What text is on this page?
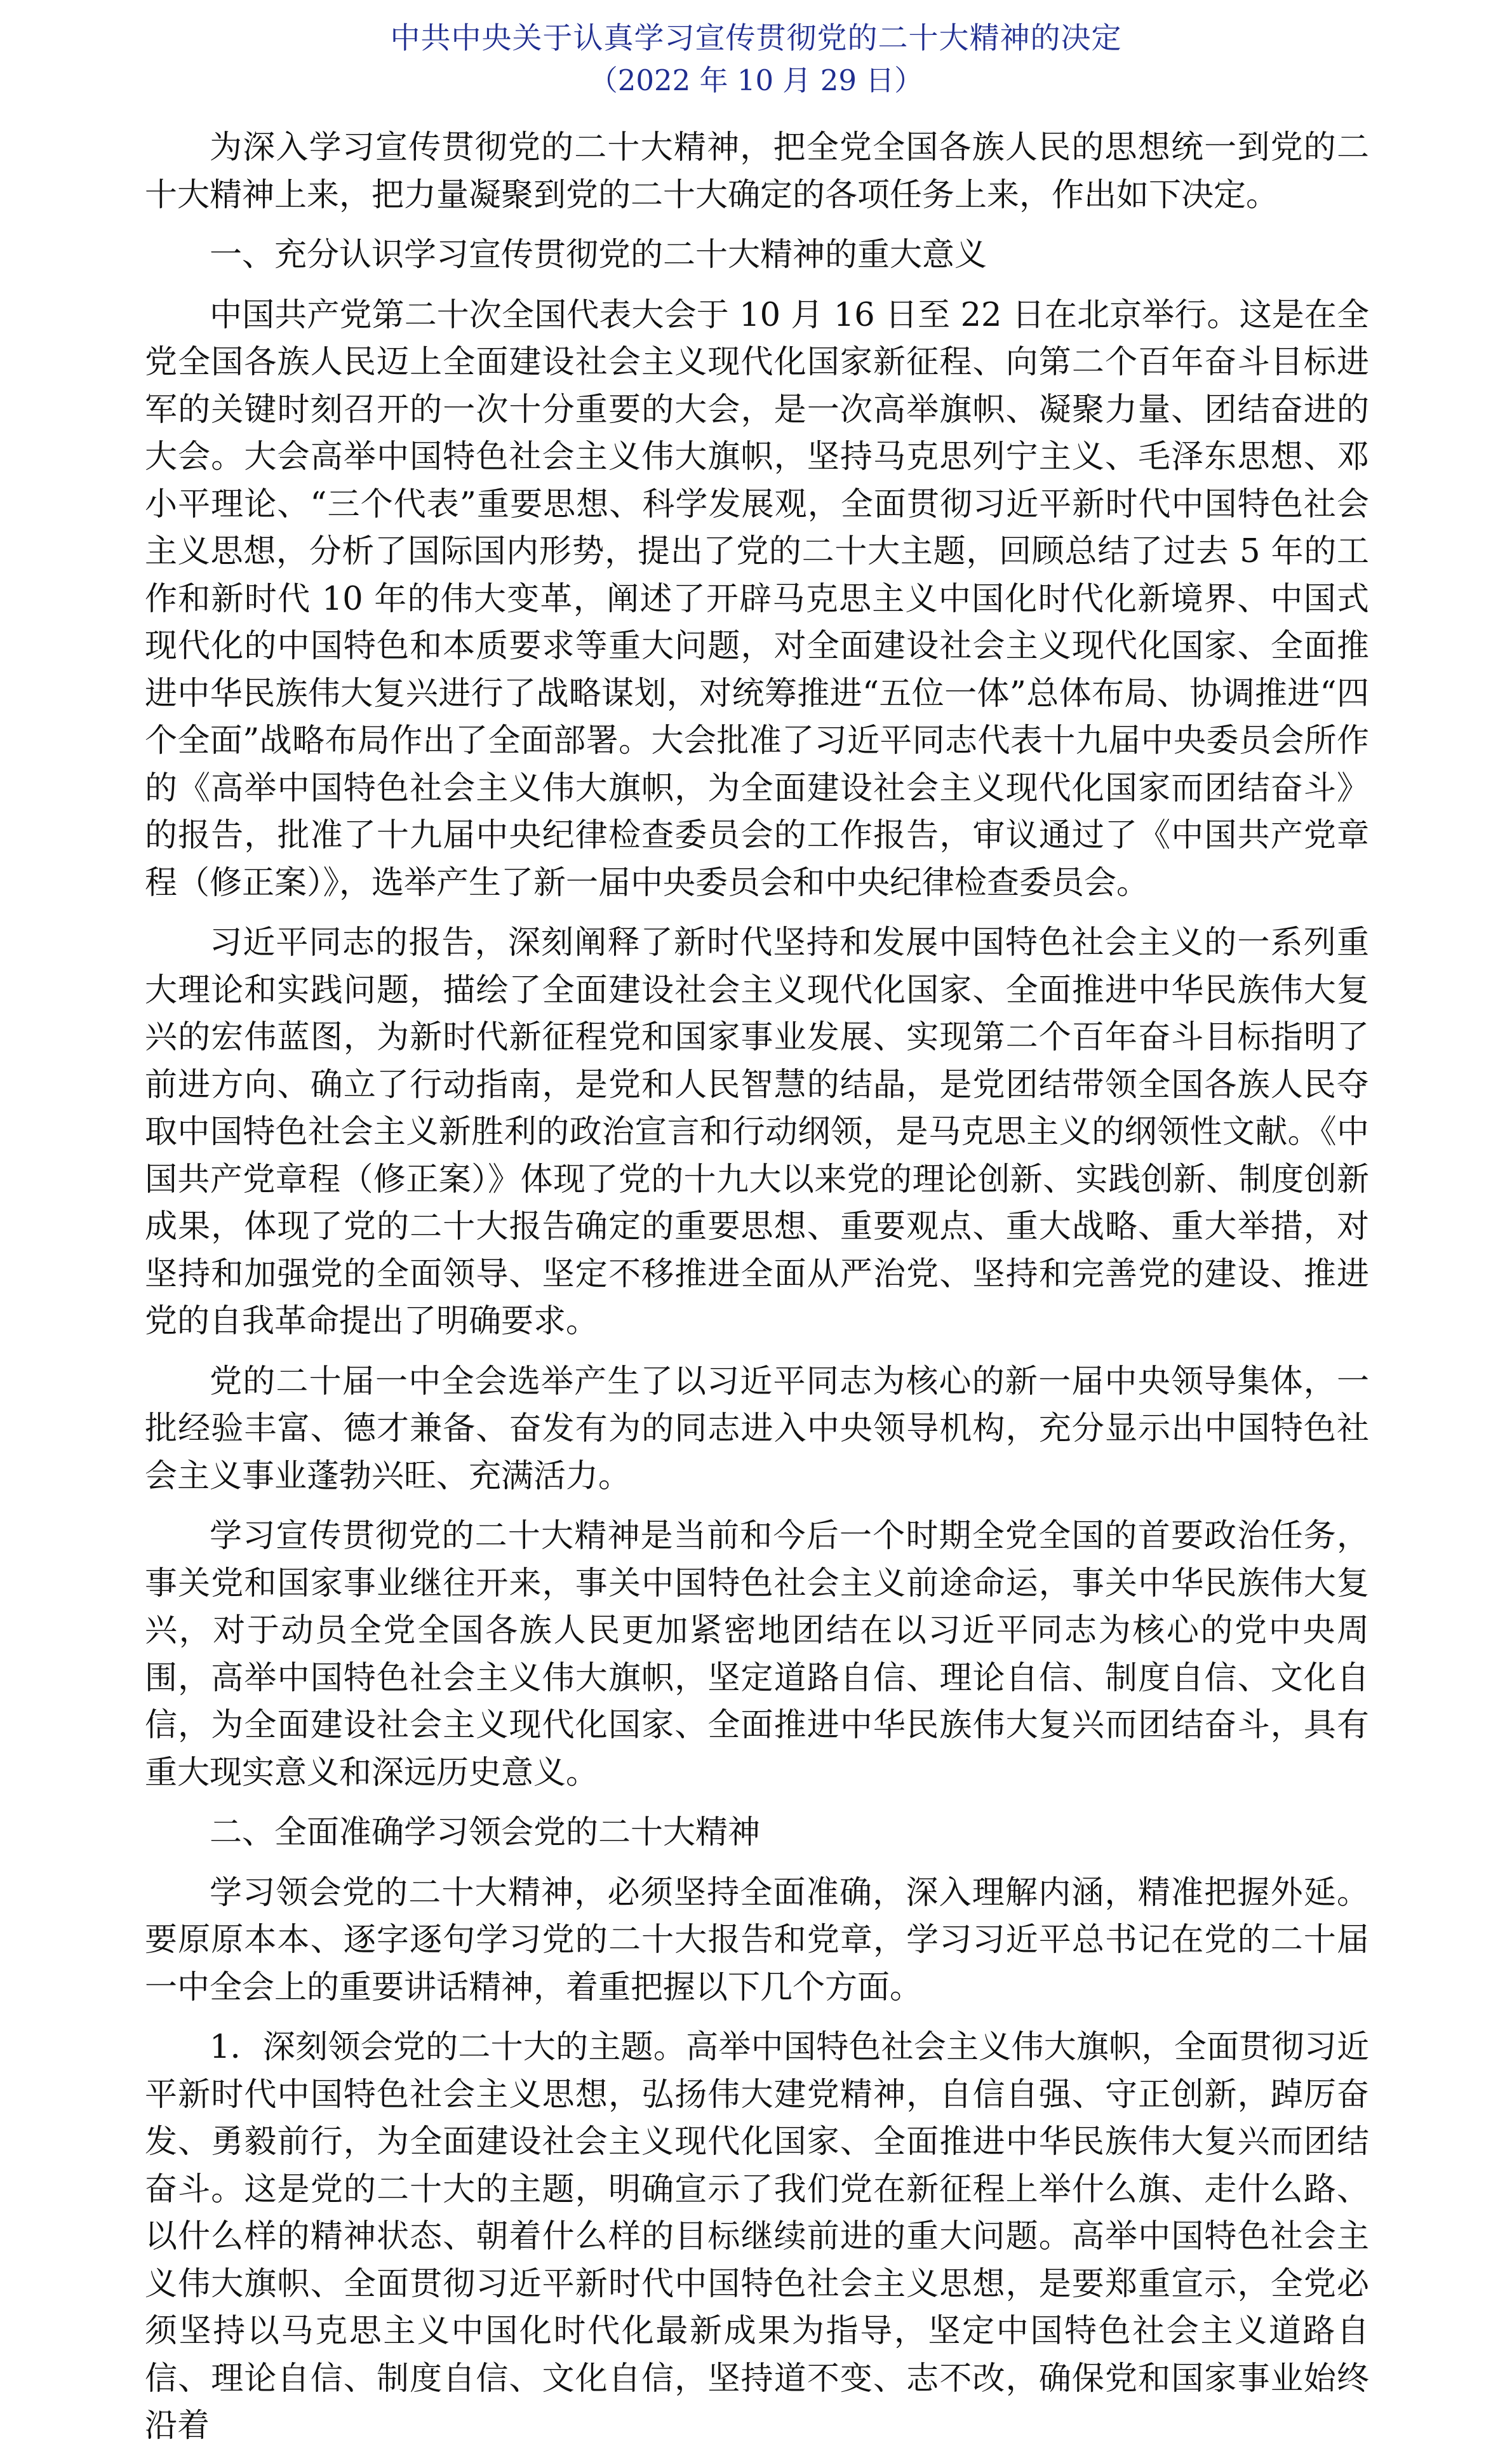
中共中央关于认真学习宣传贯彻党的二十大精神的决定
（2022 年 10 月 29 日）

为深入学习宣传贯彻党的二十大精神，把全党全国各族人民的思想统一到党的二十大精神上来，把力量凝聚到党的二十大确定的各项任务上来，作出如下决定。

一、充分认识学习宣传贯彻党的二十大精神的重大意义

中国共产党第二十次全国代表大会于 10 月 16 日至 22 日在北京举行。这是在全党全国各族人民迈上全面建设社会主义现代化国家新征程、向第二个百年奋斗目标进军的关键时刻召开的一次十分重要的大会，是一次高举旗帜、凝聚力量、团结奋进的大会。大会高举中国特色社会主义伟大旗帜，坚持马克思列宁主义、毛泽东思想、邓小平理论、“三个代表”重要思想、科学发展观，全面贯彻习近平新时代中国特色社会主义思想，分析了国际国内形势，提出了党的二十大主题，回顾总结了过去 5 年的工作和新时代 10 年的伟大变革，阐述了开辟马克思主义中国化时代化新境界、中国式现代化的中国特色和本质要求等重大问题，对全面建设社会主义现代化国家、全面推进中华民族伟大复兴进行了战略谋划，对统筹推进“五位一体”总体布局、协调推进“四个全面”战略布局作出了全面部署。大会批准了习近平同志代表十九届中央委员会所作的《高举中国特色社会主义伟大旗帜，为全面建设社会主义现代化国家而团结奋斗》的报告，批准了十九届中央纪律检查委员会的工作报告，审议通过了《中国共产党章程（修正案）》，选举产生了新一届中央委员会和中央纪律检查委员会。

习近平同志的报告，深刻阐释了新时代坚持和发展中国特色社会主义的一系列重大理论和实践问题，描绘了全面建设社会主义现代化国家、全面推进中华民族伟大复兴的宏伟蓝图，为新时代新征程党和国家事业发展、实现第二个百年奋斗目标指明了前进方向、确立了行动指南，是党和人民智慧的结晶，是党团结带领全国各族人民夺取中国特色社会主义新胜利的政治宣言和行动纲领，是马克思主义的纲领性文献。《中国共产党章程（修正案）》体现了党的十九大以来党的理论创新、实践创新、制度创新成果，体现了党的二十大报告确定的重要思想、重要观点、重大战略、重大举措，对坚持和加强党的全面领导、坚定不移推进全面从严治党、坚持和完善党的建设、推进党的自我革命提出了明确要求。

党的二十届一中全会选举产生了以习近平同志为核心的新一届中央领导集体，一批经验丰富、德才兼备、奋发有为的同志进入中央领导机构，充分显示出中国特色社会主义事业蓬勃兴旺、充满活力。

学习宣传贯彻党的二十大精神是当前和今后一个时期全党全国的首要政治任务，事关党和国家事业继往开来，事关中国特色社会主义前途命运，事关中华民族伟大复兴，对于动员全党全国各族人民更加紧密地团结在以习近平同志为核心的党中央周围，高举中国特色社会主义伟大旗帜，坚定道路自信、理论自信、制度自信、文化自信，为全面建设社会主义现代化国家、全面推进中华民族伟大复兴而团结奋斗，具有重大现实意义和深远历史意义。

二、全面准确学习领会党的二十大精神

学习领会党的二十大精神，必须坚持全面准确，深入理解内涵，精准把握外延。要原原本本、逐字逐句学习党的二十大报告和党章，学习习近平总书记在党的二十届一中全会上的重要讲话精神，着重把握以下几个方面。

1．深刻领会党的二十大的主题。高举中国特色社会主义伟大旗帜，全面贯彻习近平新时代中国特色社会主义思想，弘扬伟大建党精神，自信自强、守正创新，踔厉奋发、勇毅前行，为全面建设社会主义现代化国家、全面推进中华民族伟大复兴而团结奋斗。这是党的二十大的主题，明确宣示了我们党在新征程上举什么旗、走什么路、以什么样的精神状态、朝着什么样的目标继续前进的重大问题。高举中国特色社会主义伟大旗帜、全面贯彻习近平新时代中国特色社会主义思想，是要郑重宣示，全党必须坚持以马克思主义中国化时代化最新成果为指导，坚定中国特色社会主义道路自信、理论自信、制度自信、文化自信，坚持道不变、志不改，确保党和国家事业始终沿着
